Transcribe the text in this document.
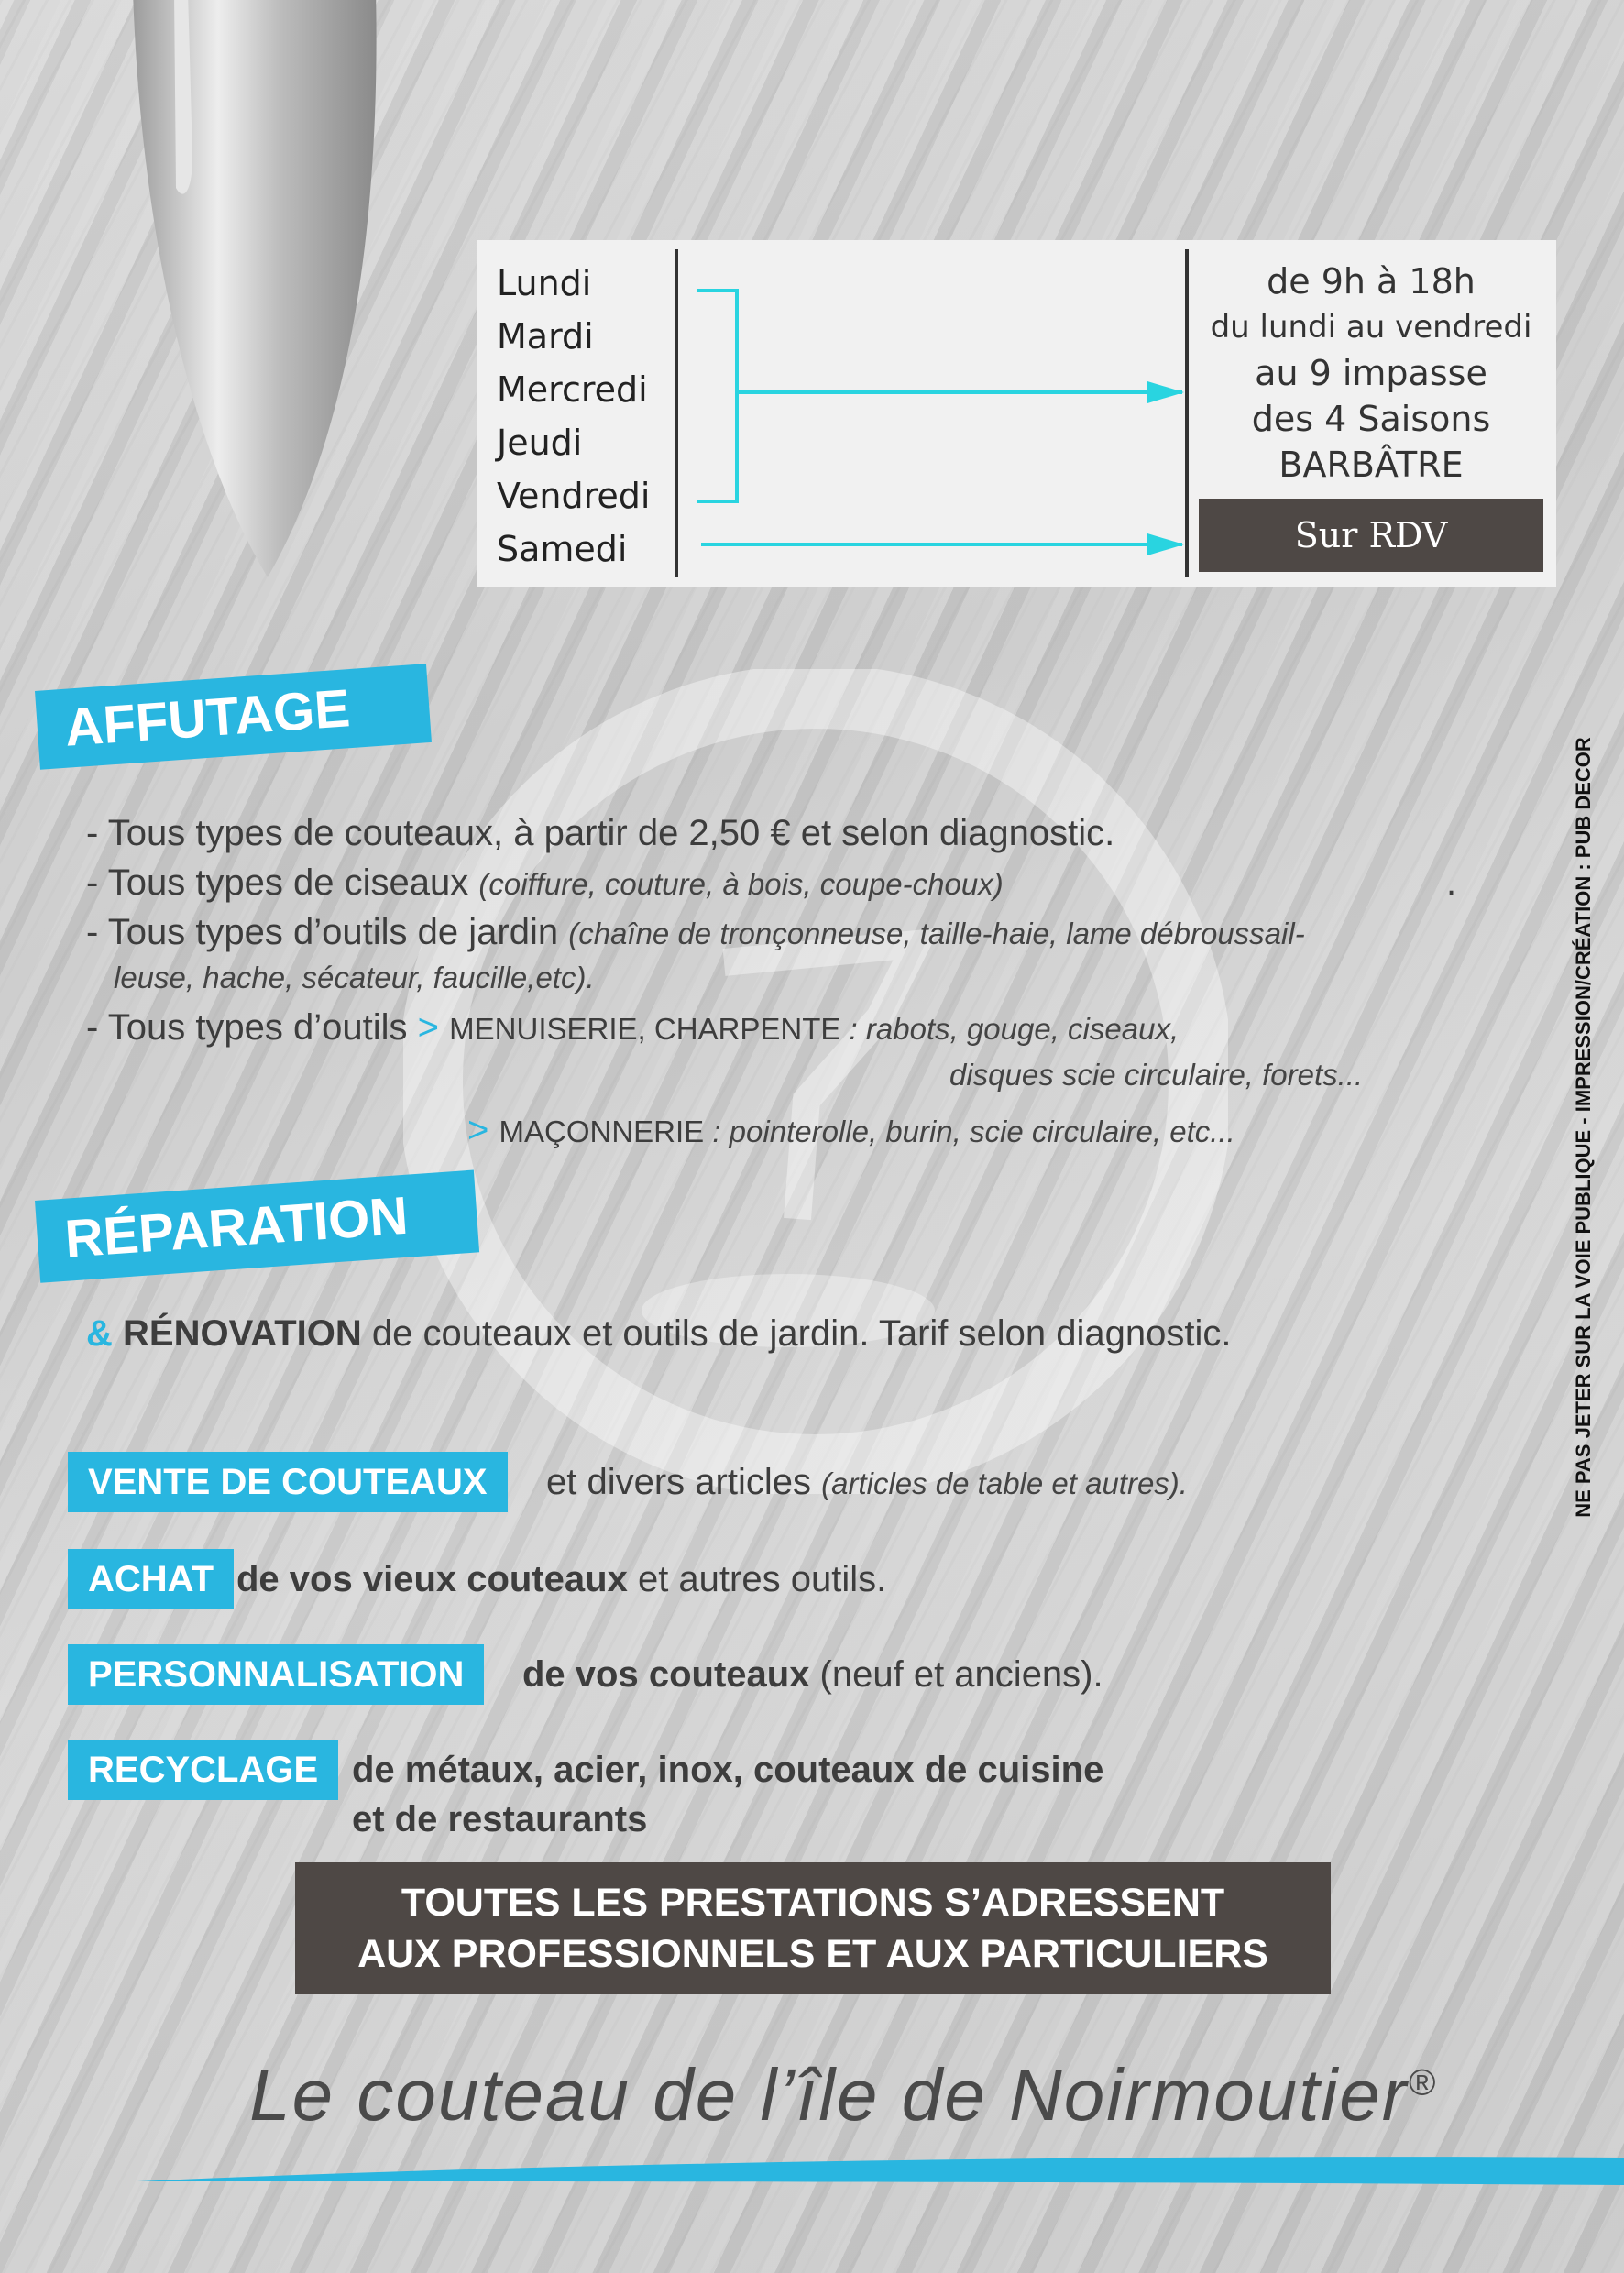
Lundi
Mardi
Mercredi
Jeudi
Vendredi
Samedi
de 9h à 18h
du lundi au vendredi
au 9 impasse
des 4 Saisons
BARBÂTRE
Sur RDV
AFFUTAGE
- Tous types de couteaux, à partir de 2,50 € et selon diagnostic.
- Tous types de ciseaux (coiffure, couture, à bois, coupe-choux)	.
- Tous types d’outils de jardin (chaîne de tronçonneuse, taille-haie, lame débroussail-
leuse, hache, sécateur, faucille,etc).
- Tous types d’outils > MENUISERIE, CHARPENTE : rabots, gouge, ciseaux,
disques scie circulaire, forets...
> MAÇONNERIE : pointerolle, burin, scie circulaire, etc...
RÉPARATION
& RÉNOVATION de couteaux et outils de jardin. Tarif selon diagnostic.
VENTE DE COUTEAUX	et divers articles (articles de table et autres).
ACHAT de vos vieux couteaux et autres outils.
PERSONNALISATION	de vos couteaux (neuf et anciens).
RECYCLAGE de métaux, acier, inox, couteaux de cuisine
et de restaurants
TOUTES LES PRESTATIONS S’ADRESSENT
AUX PROFESSIONNELS ET AUX PARTICULIERS
Le couteau de l’île de Noirmoutier®
NE PAS JETER SUR LA VOIE PUBLIQUE - IMPRESSION/CRÉATION : PUB DECOR
